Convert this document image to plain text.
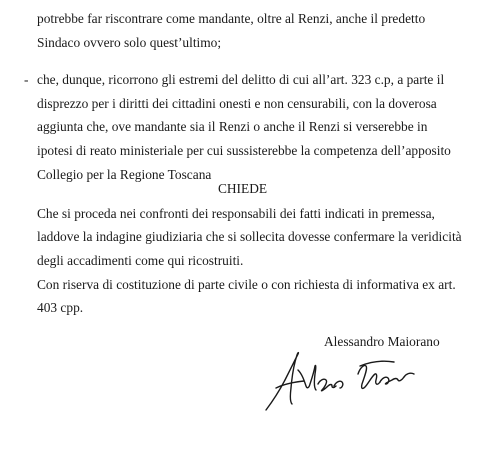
potrebbe far riscontrare come mandante, oltre al Renzi, anche il predetto
Sindaco ovvero solo quest’ultimo;
- che, dunque, ricorrono gli estremi del delitto di cui all’art. 323 c.p, a parte il
disprezzo per i diritti dei cittadini onesti e non censurabili, con la doverosa
aggiunta che, ove mandante sia il Renzi o anche il Renzi si verserebbe in
ipotesi di reato ministeriale per cui sussisterebbe la competenza dell’apposito
Collegio per la Regione Toscana
CHIEDE
Che si proceda nei confronti dei responsabili dei fatti indicati in premessa,
laddove la indagine giudiziaria che si sollecita dovesse confermare la veridicità
degli accadimenti come qui ricostruiti.
Con riserva di costituzione di parte civile o con richiesta di informativa ex art.
403 cpp.
Alessandro Maiorano
